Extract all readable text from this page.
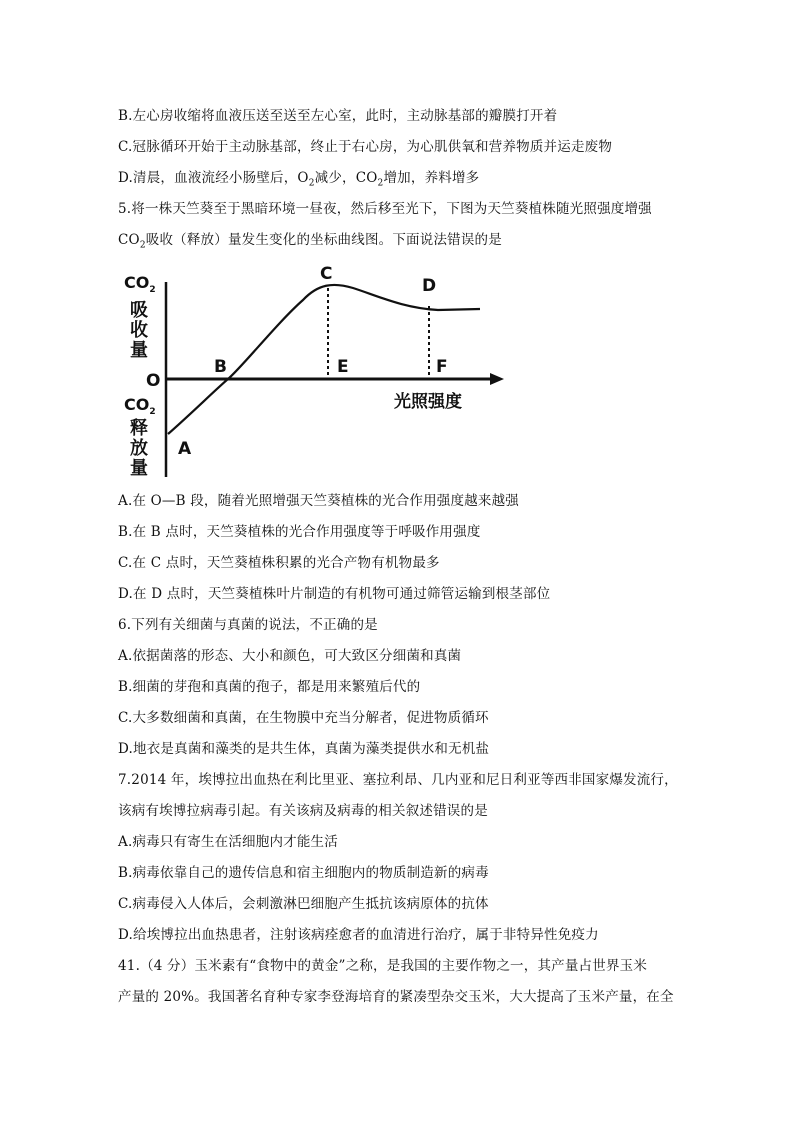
B.左心房收缩将血液压送至送至左心室，此时，主动脉基部的瓣膜打开着
C.冠脉循环开始于主动脉基部，终止于右心房，为心肌供氧和营养物质并运走废物
D.清晨，血液流经小肠壁后，$O_2$减少，$CO_2$增加，养料增多
5.将一株天竺葵至于黑暗环境一昼夜，然后移至光下，下图为天竺葵植株随光照强度增强
$CO_2$吸收（释放）量发生变化的坐标曲线图。下面说法错误的是
$CO_2$
吸
收
量
O
$CO_2$
释
放
量
A
B
C
D
E	F
光照强度
A.在 O—B 段，随着光照增强天竺葵植株的光合作用强度越来越强
B.在 B 点时，天竺葵植株的光合作用强度等于呼吸作用强度
C.在 C 点时，天竺葵植株积累的光合产物有机物最多
D.在 D 点时，天竺葵植株叶片制造的有机物可通过筛管运输到根茎部位
6.下列有关细菌与真菌的说法，不正确的是
A.依据菌落的形态、大小和颜色，可大致区分细菌和真菌
B.细菌的芽孢和真菌的孢子，都是用来繁殖后代的
C.大多数细菌和真菌，在生物膜中充当分解者，促进物质循环
D.地衣是真菌和藻类的是共生体，真菌为藻类提供水和无机盐
7.2014 年，埃博拉出血热在利比里亚、塞拉利昂、几内亚和尼日利亚等西非国家爆发流行，
该病有埃博拉病毒引起。有关该病及病毒的相关叙述错误的是
A.病毒只有寄生在活细胞内才能生活
B.病毒依靠自己的遗传信息和宿主细胞内的物质制造新的病毒
C.病毒侵入人体后，会刺激淋巴细胞产生抵抗该病原体的抗体
D.给埃博拉出血热患者，注射该病痊愈者的血清进行治疗，属于非特异性免疫力
41.（4 分）玉米素有“食物中的黄金”之称，是我国的主要作物之一，其产量占世界玉米
产量的 20%。我国著名育种专家李登海培育的紧凑型杂交玉米，大大提高了玉米产量，在全
